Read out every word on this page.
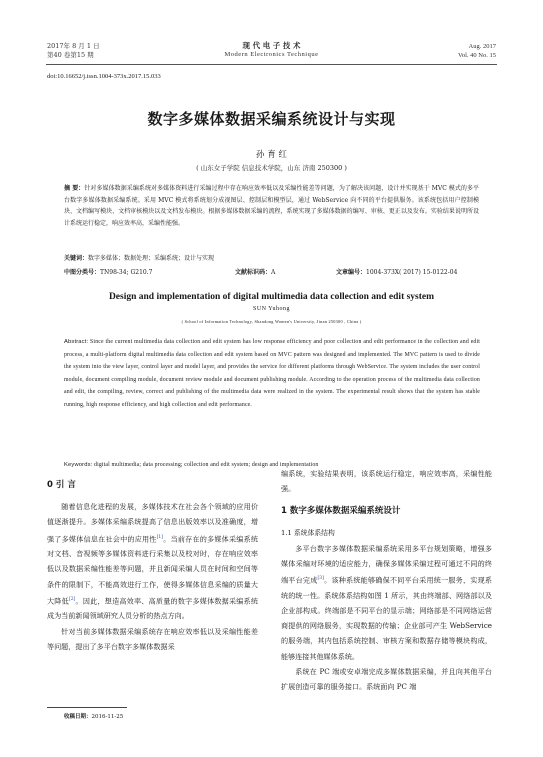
2017年 8 月 1 日
第40 卷第15 期
现 代 电 子 技 术
Modern Electronics Technique
Aug. 2017
Vol. 40 No. 15
doi:10.16652/j.issn.1004-373x.2017.15.033
数字多媒体数据采编系统设计与实现
孙 育 红
( 山东女子学院 信息技术学院，山东 济南 250300 )
摘 要：针对多媒体数据采编系统对多媒体资料进行采编过程中存在响应效率低以及采编性能差等问题，为了解决该问题，设计并实现基于 MVC 模式的多平台数字多媒体数据采编系统。采用 MVC 模式将系统划分成视图层、控制层和模型层，通过 WebService 向不同的平台提供服务。该系统包括用户控制模块、文档编写模块、文档审核模块以及文档发布模块。根据多媒体数据采编的流程，系统实现了多媒体数据的编写、审核、更正以及发布。实验结果说明所设计系统运行稳定，响应效率高，采编性能强。
关键词：数字多媒体；数据处理；采编系统；设计与实现
中图分类号：TN98-34; G210.7	文献标识码：A	文章编号：1004-373X( 2017) 15-0122-04
Design and implementation of digital multimedia data collection and edit system
SUN Yuhong
( School of Information Technology, Shandong Women's University, Jinan 250300 , China )
Abstract: Since the current multimedia data collection and edit system has low response efficiency and poor collection and edit performance in the collection and edit process, a multi-platform digital multimedia data collection and edit system based on MVC pattern was designed and implemented. The MVC pattern is used to divide the system into the view layer, control layer and model layer, and provides the service for different platforms through WebService. The system includes the user control module, document compiling module, document review module and document publishing module. According to the operation process of the multimedia data collection and edit, the compiling, review, correct and publishing of the multimedia data were realized in the system. The experimental result shows that the system has stable running, high response efficiency, and high collection and edit performance.
Keywords: digital multimedia; data processing; collection and edit system; design and implementation
0 引 言

随着信息化进程的发展，多媒体技术在社会各个领域的应用价值逐渐提升。多媒体采编系统提高了信息出版效率以及准确度，增强了多媒体信息在社会中的应用性[1]。当前存在的多媒体采编系统对文档、音视频等多媒体资料进行采集以及校对时，存在响应效率低以及数据采编性能差等问题，并且新闻采编人员在时间和空间等条件的限制下，不能高效进行工作，使得多媒体信息采编的质量大大降低[2]。因此，想造高效率、高质量的数字多媒体数据采编系统成为当前新闻领域研究人员分析的热点方向。

针对当前多媒体数据采编系统存在响应效率低以及采编性能差等问题，提出了多平台数字多媒体数据采

编系统，实验结果表明，该系统运行稳定，响应效率高，采编性能强。

1 数字多媒体数据采编系统设计
1.1 系统体系结构

多平台数字多媒体数据采编系统采用多平台规划策略，增强多媒体采编对环境的适应能力，确保多媒体采编过程可通过不同的终端平台完成[3]。该种系统能够确保不同平台采用统一服务，实现系统的统一性。系统体系结构如图 1 所示，其由终端部、网络部以及企业部构成。终端部是不同平台的显示端；网络部是不同网络运营商提供的网络服务，实现数据的传输；企业部可产生 WebService 的服务端，其内包括系统控制、审核方案和数据存储等模块构成，能够连接其他媒体系统。

系统在 PC 端或安卓端完成多媒体数据采编，并且向其他平台扩展创造可靠的服务接口。系统面向 PC 端

收稿日期：2016-11-25
